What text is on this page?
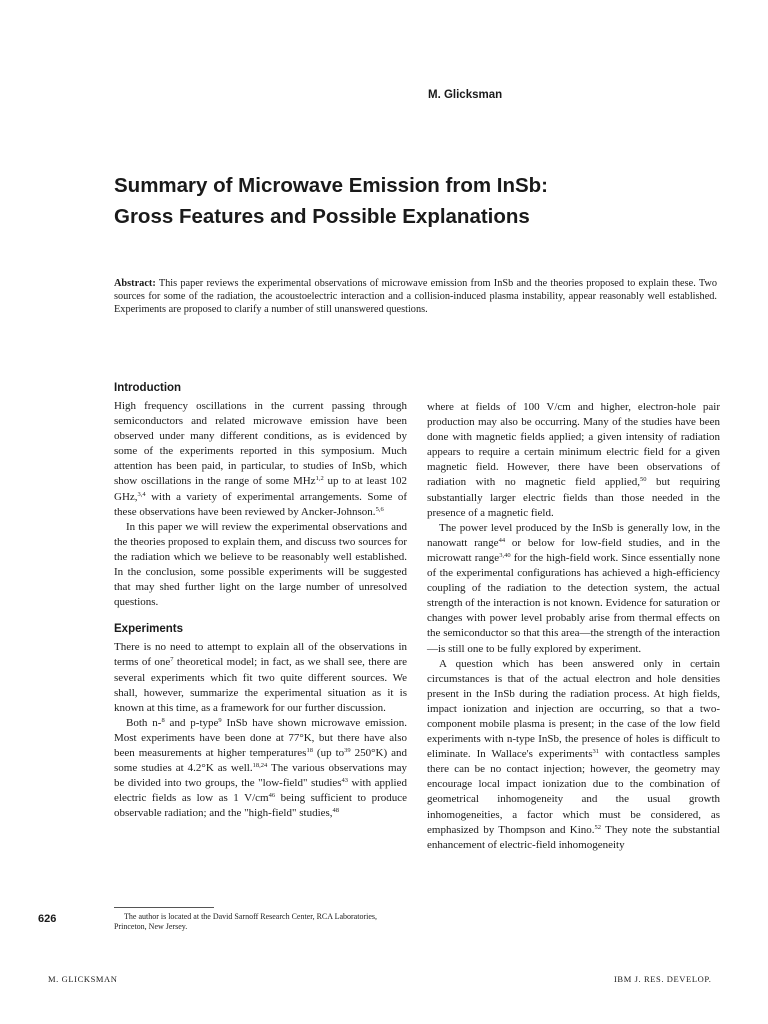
M. Glicksman
Summary of Microwave Emission from InSb:
Gross Features and Possible Explanations

Abstract: This paper reviews the experimental observations of microwave emission from InSb and the theories proposed to explain these. Two sources for some of the radiation, the acoustoelectric interaction and a collision-induced plasma instability, appear reasonably well established. Experiments are proposed to clarify a number of still unanswered questions.

Introduction

High frequency oscillations in the current passing through semiconductors and related microwave emission have been observed under many different conditions, as is evidenced by some of the experiments reported in this symposium. Much attention has been paid, in particular, to studies of InSb, which show oscillations in the range of some MHz$^{1,2}$ up to at least 102 GHz,$^{3,4}$ with a variety of experimental arrangements. Some of these observations have been reviewed by Ancker-Johnson.$^{5,6}$

In this paper we will review the experimental observations and the theories proposed to explain them, and discuss two sources for the radiation which we believe to be reasonably well established. In the conclusion, some possible experiments will be suggested that may shed further light on the large number of unresolved questions.

Experiments

There is no need to attempt to explain all of the observations in terms of one$^7$ theoretical model; in fact, as we shall see, there are several experiments which fit two quite different sources. We shall, however, summarize the experimental situation as it is known at this time, as a framework for our further discussion.

Both n-$^8$ and p-type$^9$ InSb have shown microwave emission. Most experiments have been done at 77°K, but there have also been measurements at higher temperatures$^{18}$ (up $to^{39}$ 250°K) and some studies at 4.2°K as well.$^{18,24}$ The various observations may be divided into two groups, the "low-field" studies$^{43}$ with applied electric fields as low as 1 $V/cm^{46}$ being sufficient to produce observable radiation; and the "high-field" studies,$^{48}$

where at fields of 100 V/cm and higher, electron-hole pair production may also be occurring. Many of the studies have been done with magnetic fields applied; a given intensity of radiation appears to require a certain minimum electric field for a given magnetic field. However, there have been observations of radiation with no magnetic field applied,$^{50}$ but requiring substantially larger electric fields than those needed in the presence of a magnetic field.

The power level produced by the InSb is generally low, in the nanowatt range$^{44}$ or below for low-field studies, and in the microwatt range$^{3,40}$ for the high-field work. Since essentially none of the experimental configurations has achieved a high-efficiency coupling of the radiation to the detection system, the actual strength of the interaction is not known. Evidence for saturation or changes with power level probably arise from thermal effects on the semiconductor so that this area—the strength of the interaction—is still one to be fully explored by experiment.

A question which has been answered only in certain circumstances is that of the actual electron and hole densities present in the InSb during the radiation process. At high fields, impact ionization and injection are occurring, so that a two-component mobile plasma is present; in the case of the low field experiments with n-type InSb, the presence of holes is difficult to eliminate. In Wallace's experiments$^{31}$ with contactless samples there can be no contact injection; however, the geometry may encourage local impact ionization due to the combination of geometrical inhomogeneity and the usual growth inhomogeneities, a factor which must be considered, as emphasized by Thompson and Kino.$^{52}$ They note the substantial enhancement of electric-field inhomogeneity

The author is located at the David Sarnoff Research Center, RCA Laboratories, Princeton, New Jersey.

626
M. GLICKSMAN	IBM J. RES. DEVELOP.
